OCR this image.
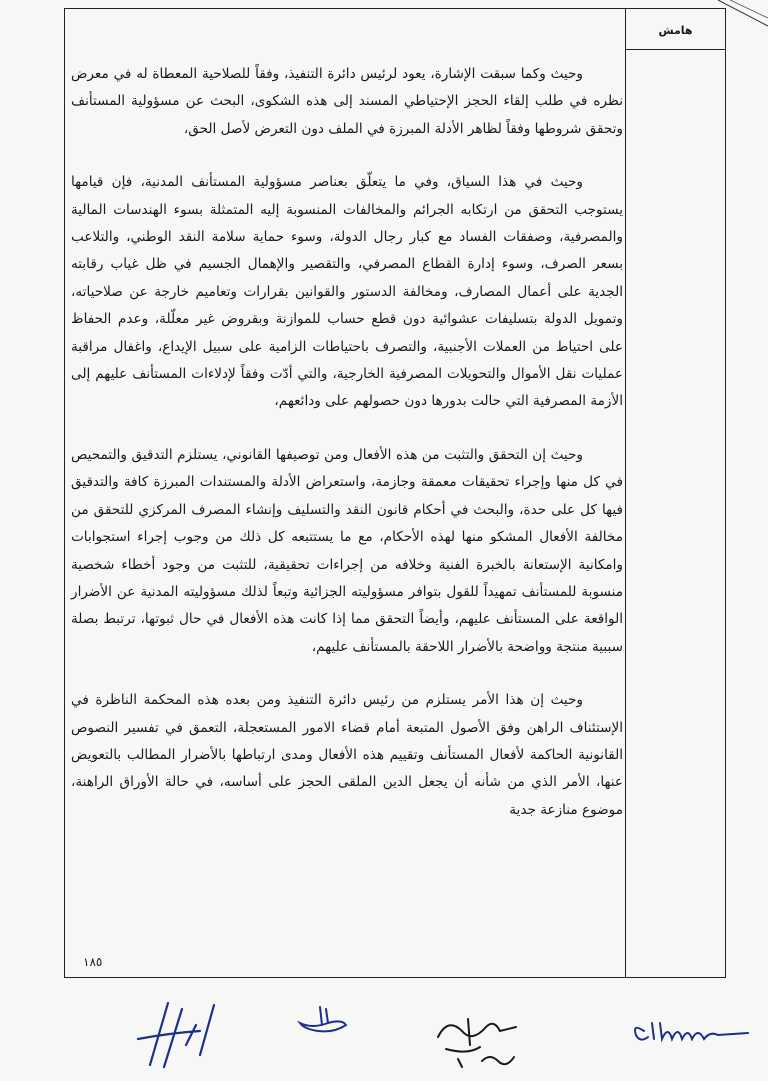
هامش

وحيث وكما سبقت الإشارة، يعود لرئيس دائرة التنفيذ، وفقاً للصلاحية المعطاة له في معرض نظره في طلب إلقاء الحجز الإحتياطي المسند إلى هذه الشكوى، البحث عن مسؤولية المستأنف وتحقق شروطها وفقاً لظاهر الأدلة المبرزة في الملف دون التعرض لأصل الحق،

وحيث في هذا السياق، وفي ما يتعلّق بعناصر مسؤولية المستأنف المدنية، فإن قيامها يستوجب التحقق من ارتكابه الجرائم والمخالفات المنسوبة إليه المتمثلة بسوء الهندسات المالية والمصرفية، وصفقات الفساد مع كبار رجال الدولة، وسوء حماية سلامة النقد الوطني، والتلاعب بسعر الصرف، وسوء إدارة القطاع المصرفي، والتقصير والإهمال الجسيم في ظل غياب رقابته الجدية على أعمال المصارف، ومخالفة الدستور والقوانين بقرارات وتعاميم خارجة عن صلاحياته، وتمويل الدولة بتسليفات عشوائية دون قطع حساب للموازنة وبقروض غير معلّلة، وعدم الحفاظ على احتياط من العملات الأجنبية، والتصرف باحتياطات الزامية على سبيل الإيداع، واغفال مراقبة عمليات نقل الأموال والتحويلات المصرفية الخارجية، والتي أدّت وفقاً لإدلاءات المستأنف عليهم إلى الأزمة المصرفية التي حالت بدورها دون حصولهم على ودائعهم،

وحيث إن التحقق والتثبت من هذه الأفعال ومن توصيفها القانوني، يستلزم التدقيق والتمحيص في كل منها وإجراء تحقيقات معمقة وجازمة، واستعراض الأدلة والمستندات المبرزة كافة والتدقيق فيها كل على حدة، والبحث في أحكام قانون النقد والتسليف وإنشاء المصرف المركزي للتحقق من مخالفة الأفعال المشكو منها لهذه الأحكام، مع ما يستتبعه كل ذلك من وجوب إجراء استجوابات وامكانية الإستعانة بالخبرة الفنية وخلافه من إجراءات تحقيقية، للتثبت من وجود أخطاء شخصية منسوبة للمستأنف تمهيداً للقول بتوافر مسؤوليته الجزائية وتبعاً لذلك مسؤوليته المدنية عن الأضرار الواقعة على المستأنف عليهم، وأيضاً التحقق مما إذا كانت هذه الأفعال في حال ثبوتها، ترتبط بصلة سببية منتجة وواضحة بالأضرار اللاحقة بالمستأنف عليهم،

وحيث إن هذا الأمر يستلزم من رئيس دائرة التنفيذ ومن بعده هذه المحكمة الناظرة في الإستئناف الراهن وفق الأصول المتبعة أمام قضاء الامور المستعجلة، التعمق في تفسير النصوص القانونية الحاكمة لأفعال المستأنف وتقييم هذه الأفعال ومدى ارتباطها بالأضرار المطالب بالتعويض عنها، الأمر الذي من شأنه أن يجعل الدين الملقى الحجز على أساسه، في حالة الأوراق الراهنة، موضوع منازعة جدية

١٨٥
